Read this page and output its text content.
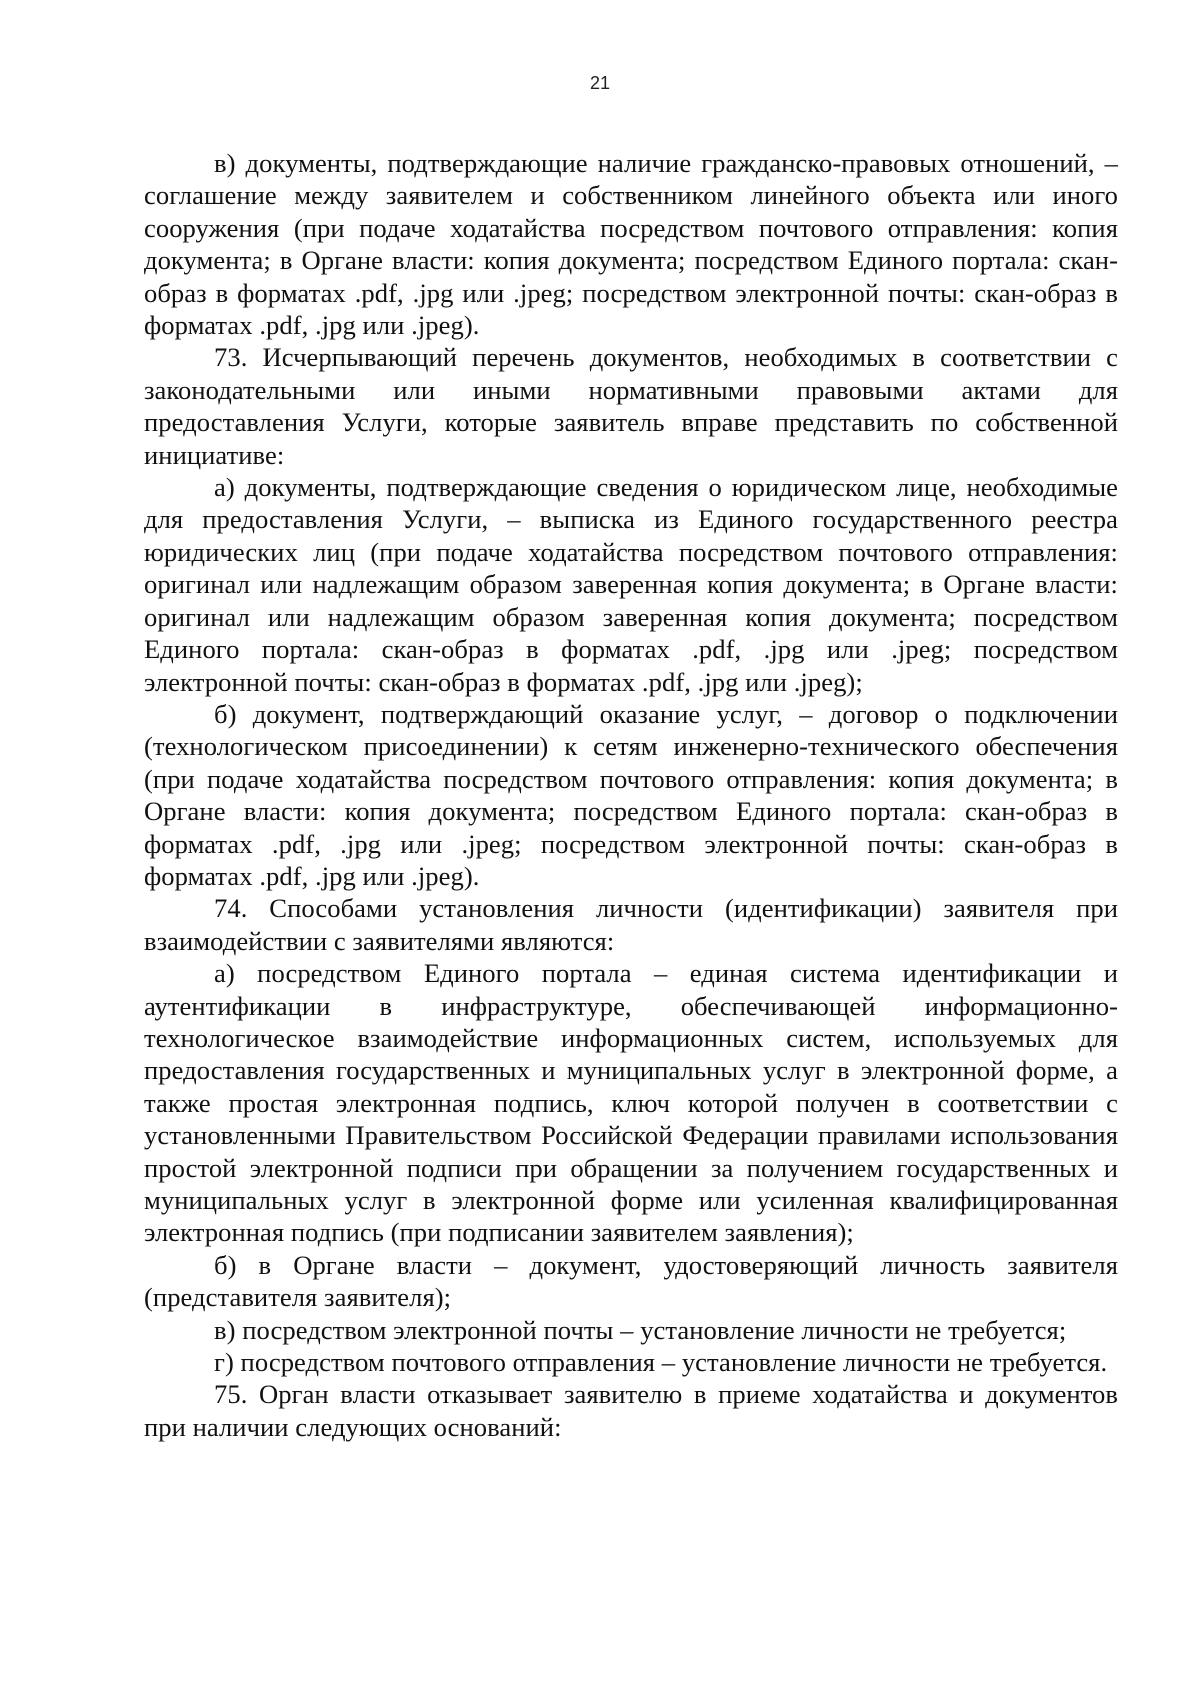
21

в) документы, подтверждающие наличие гражданско-правовых отношений, – соглашение между заявителем и собственником линейного объекта или иного сооружения (при подаче ходатайства посредством почтового отправления: копия документа; в Органе власти: копия документа; посредством Единого портала: скан-образ в форматах .pdf, .jpg или .jpeg; посредством электронной почты: скан-образ в форматах .pdf, .jpg или .jpeg).

73. Исчерпывающий перечень документов, необходимых в соответствии с законодательными или иными нормативными правовыми актами для предоставления Услуги, которые заявитель вправе представить по собственной инициативе:

а) документы, подтверждающие сведения о юридическом лице, необходимые для предоставления Услуги, – выписка из Единого государственного реестра юридических лиц (при подаче ходатайства посредством почтового отправления: оригинал или надлежащим образом заверенная копия документа; в Органе власти: оригинал или надлежащим образом заверенная копия документа; посредством Единого портала: скан-образ в форматах .pdf, .jpg или .jpeg; посредством электронной почты: скан-образ в форматах .pdf, .jpg или .jpeg);

б) документ, подтверждающий оказание услуг, – договор о подключении (технологическом присоединении) к сетям инженерно-технического обеспечения (при подаче ходатайства посредством почтового отправления: копия документа; в Органе власти: копия документа; посредством Единого портала: скан-образ в форматах .pdf, .jpg или .jpeg; посредством электронной почты: скан-образ в форматах .pdf, .jpg или .jpeg).

74. Способами установления личности (идентификации) заявителя при взаимодействии с заявителями являются:

а) посредством Единого портала – единая система идентификации и аутентификации в инфраструктуре, обеспечивающей информационно-технологическое взаимодействие информационных систем, используемых для предоставления государственных и муниципальных услуг в электронной форме, а также простая электронная подпись, ключ которой получен в соответствии с установленными Правительством Российской Федерации правилами использования простой электронной подписи при обращении за получением государственных и муниципальных услуг в электронной форме или усиленная квалифицированная электронная подпись (при подписании заявителем заявления);

б) в Органе власти – документ, удостоверяющий личность заявителя (представителя заявителя);

в) посредством электронной почты – установление личности не требуется;

г) посредством почтового отправления – установление личности не требуется.

75. Орган власти отказывает заявителю в приеме ходатайства и документов при наличии следующих оснований:
